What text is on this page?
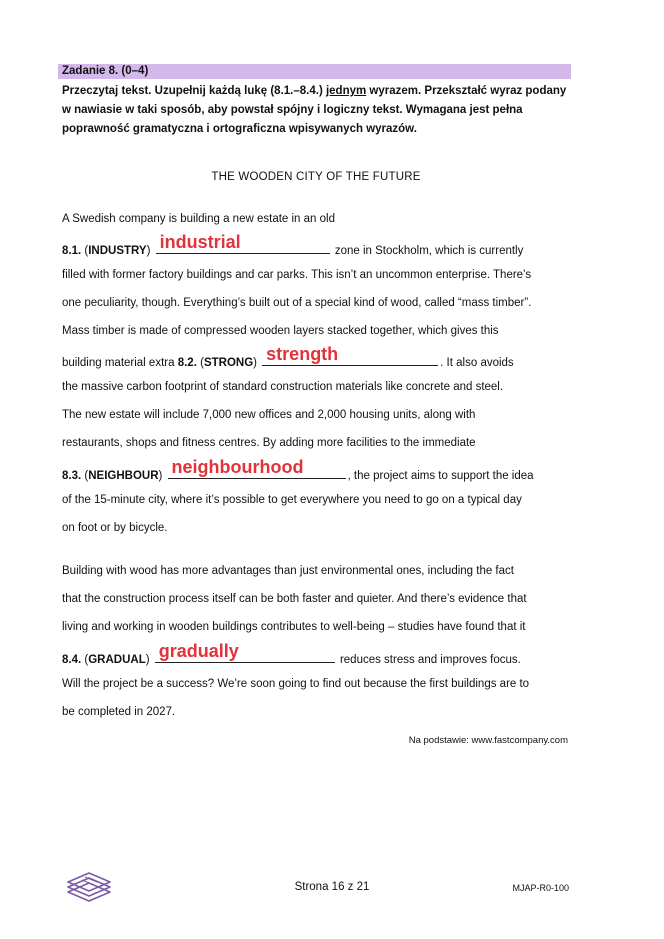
Zadanie 8. (0–4)
Przeczytaj tekst. Uzupełnij każdą lukę (8.1.–8.4.) jednym wyrazem. Przekształć wyraz podany w nawiasie w taki sposób, aby powstał spójny i logiczny tekst. Wymagana jest pełna poprawność gramatyczna i ortograficzna wpisywanych wyrazów.
THE WOODEN CITY OF THE FUTURE
A Swedish company is building a new estate in an old
8.1. (INDUSTRY) industrial	zone in Stockholm, which is currently
filled with former factory buildings and car parks. This isn’t an uncommon enterprise. There’s
one peculiarity, though. Everything’s built out of a special kind of wood, called “mass timber”.
Mass timber is made of compressed wooden layers stacked together, which gives this
building material extra 8.2. (STRONG) strength	. It also avoids
the massive carbon footprint of standard construction materials like concrete and steel.
The new estate will include 7,000 new offices and 2,000 housing units, along with
restaurants, shops and fitness centres. By adding more facilities to the immediate
8.3. (NEIGHBOUR) neighbourhood	, the project aims to support the idea
of the 15-minute city, where it’s possible to get everywhere you need to go on a typical day
on foot or by bicycle.
Building with wood has more advantages than just environmental ones, including the fact
that the construction process itself can be both faster and quieter. And there’s evidence that
living and working in wooden buildings contributes to well-being – studies have found that it
8.4. (GRADUAL) gradually	reduces stress and improves focus.
Will the project be a success? We’re soon going to find out because the first buildings are to
be completed in 2027.
Na podstawie: www.fastcompany.com
Strona 16 z 21	MJAP-R0-100
